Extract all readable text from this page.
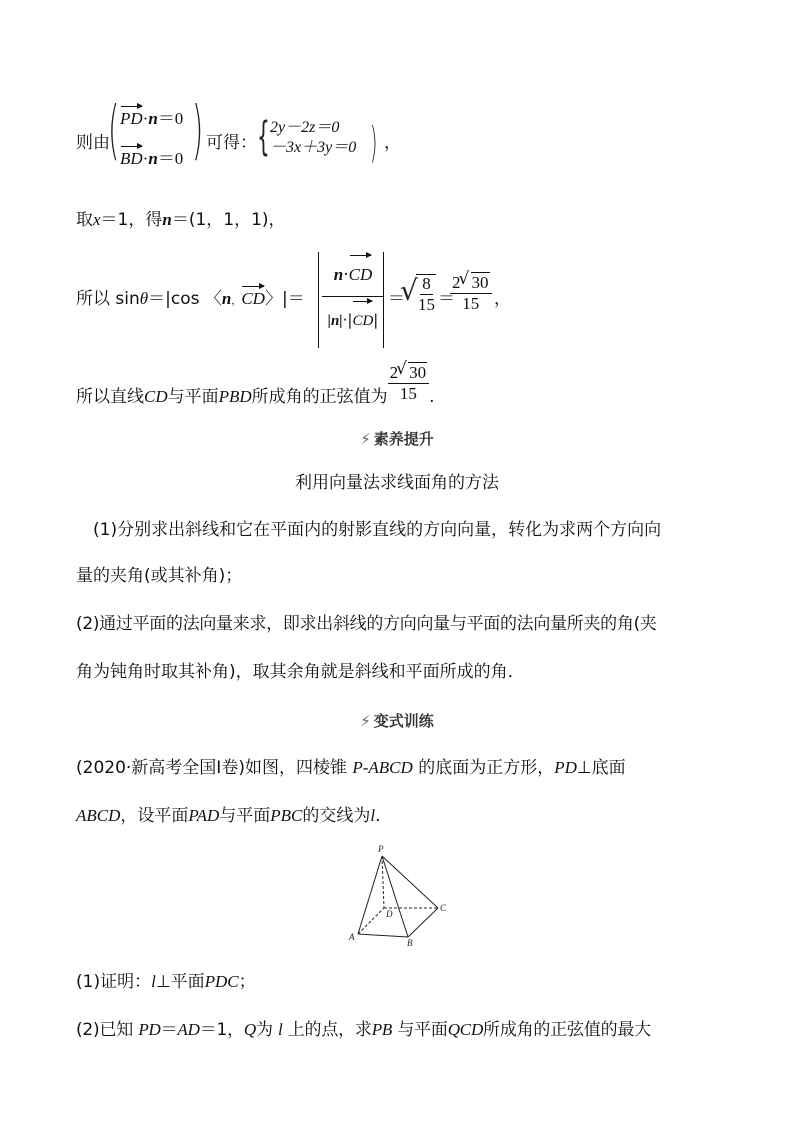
则由
( PD·n＝0
BD·n＝0 ) 可得： { 2y－2z＝0
－3x＋3y＝0 ) ，
取x＝1，得n＝(1，1，1)，
所以 sinθ＝|cos 〈n，CD〉|＝
n·CD
|n|·|CD|
＝
√
$\frac{8}{15}$ ＝
$\frac{2 √ 30}{15}$ ，
所以直线CD与平面PBD所成角的正弦值为 $\frac{2 √ 30}{15}$ .
⚡ 素养提升
利用向量法求线面角的方法
(1)分别求出斜线和它在平面内的射影直线的方向向量，转化为求两个方向向
量的夹角(或其补角)；
(2)通过平面的法向量来求，即求出斜线的方向向量与平面的法向量所夹的角(夹
角为钝角时取其补角)，取其余角就是斜线和平面所成的角．
⚡ 变式训练
(2020·新高考全国Ⅰ卷)如图，四棱锥 P-ABCD 的底面为正方形，PD⊥底面
ABCD，设平面PAD与平面PBC的交线为l.
P
A
B
C
D
(1)证明：l⊥平面PDC；
(2)已知 PD＝AD＝1，Q为 l 上的点，求PB 与平面QCD所成角的正弦值的最大
